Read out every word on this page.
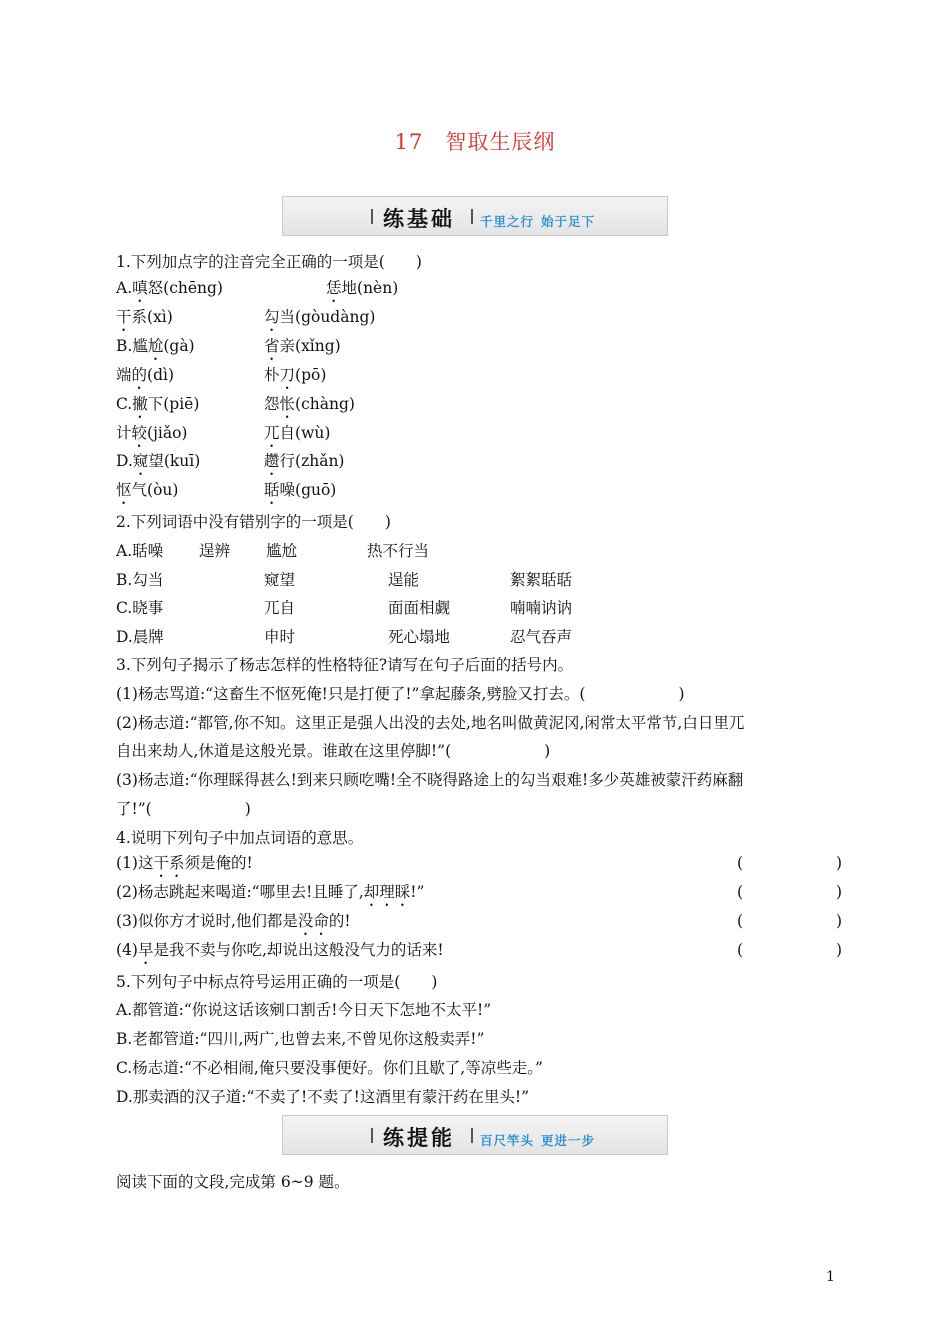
17　智取生辰纲
练基础 千里之行 始于足下
1.下列加点字的注音完全正确的一项是(　　)
A.嗔怒(chēng)	恁地(nèn)
干系(xì)	勾当(gòudàng)
B.尴尬(gà)	省亲(xǐng)
端的(dì)	朴刀(pō)
C.撇下(piē)	怨怅(chàng)
计较(jiǎo)	兀自(wù)
D.窥望(kuī)	趱行(zhǎn)
怄气(òu)	聒噪(guō)
2.下列词语中没有错别字的一项是(　　)
A.聒噪 逞辨 尴尬	热不行当
B.勾当	窥望	逞能	絮絮聒聒
C.晓事	兀自	面面相觑	喃喃讷讷
D.晨牌	申时	死心塌地	忍气吞声
3.下列句子揭示了杨志怎样的性格特征?请写在句子后面的括号内。
(1)杨志骂道:“这畜生不怄死俺!只是打便了!”拿起藤条,劈脸又打去。(　　　　　　)
(2)杨志道:“都管,你不知。这里正是强人出没的去处,地名叫做黄泥冈,闲常太平常节,白日里兀
自出来劫人,休道是这般光景。谁敢在这里停脚!”(　　　　　　)
(3)杨志道:“你理睬得甚么!到来只顾吃嘴!全不晓得路途上的勾当艰难!多少英雄被蒙汗药麻翻
了!”(　　　　　　)
4.说明下列句子中加点词语的意思。
(1)这干系须是俺的!	(　　　　　　)
(2)杨志跳起来喝道:“哪里去!且睡了,却理睬!”	(　　　　　　)
(3)似你方才说时,他们都是没命的!	(　　　　　　)
(4)早是我不卖与你吃,却说出这般没气力的话来!	(　　　　　　)
5.下列句子中标点符号运用正确的一项是(　　)
A.都管道:“你说这话该剜口割舌!今日天下怎地不太平!”
B.老都管道:“四川,两广,也曾去来,不曾见你这般卖弄!”
C.杨志道:“不必相闹,俺只要没事便好。你们且歇了,等凉些走。”
D.那卖酒的汉子道:“不卖了!不卖了!这酒里有蒙汗药在里头!”
练提能 百尺竿头 更进一步
阅读下面的文段,完成第 6~9 题。
1
